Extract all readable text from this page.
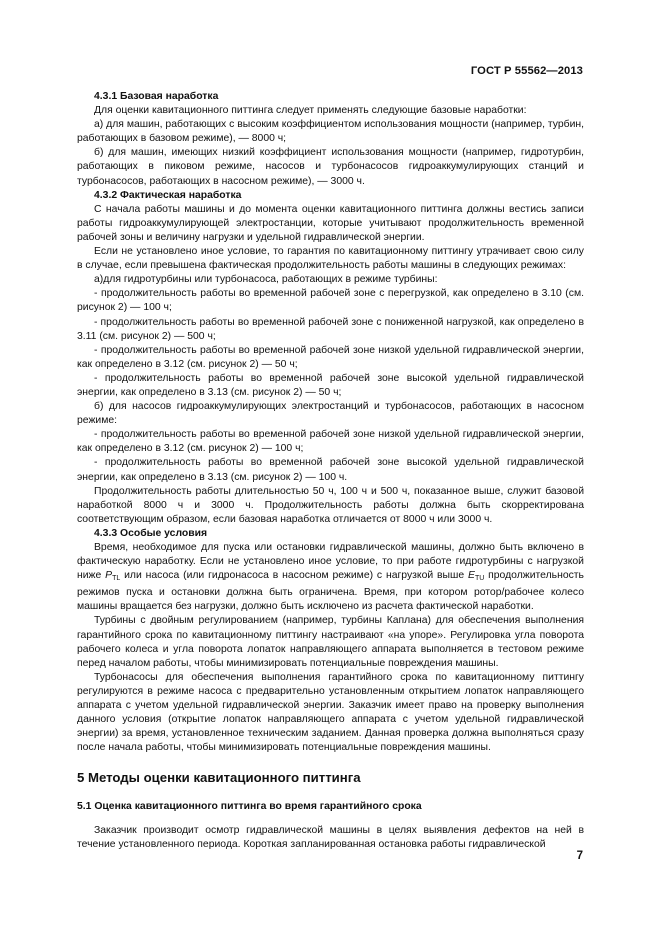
ГОСТ Р 55562—2013

4.3.1 Базовая наработка

Для оценки кавитационного питтинга следует применять следующие базовые наработки:

а) для машин, работающих с высоким коэффициентом использования мощности (например, турбин, работающих в базовом режиме), — 8000 ч;

б) для машин, имеющих низкий коэффициент использования мощности (например, гидротурбин, работающих в пиковом режиме, насосов и турбонасосов гидроаккумулирующих станций и турбонасосов, работающих в насосном режиме), — 3000 ч.

4.3.2 Фактическая наработка

С начала работы машины и до момента оценки кавитационного питтинга должны вестись записи работы гидроаккумулирующей электростанции, которые учитывают продолжительность временной рабочей зоны и величину нагрузки и удельной гидравлической энергии.

Если не установлено иное условие, то гарантия по кавитационному питтингу утрачивает свою силу в случае, если превышена фактическая продолжительность работы машины в следующих режимах:

а)для гидротурбины или турбонасоса, работающих в режиме турбины:

- продолжительность работы во временной рабочей зоне с перегрузкой, как определено в 3.10 (см. рисунок 2) — 100 ч;

- продолжительность работы во временной рабочей зоне с пониженной нагрузкой, как определено в 3.11 (см. рисунок 2) — 500 ч;

- продолжительность работы во временной рабочей зоне низкой удельной гидравлической энергии, как определено в 3.12 (см. рисунок 2) — 50 ч;

- продолжительность работы во временной рабочей зоне высокой удельной гидравлической энергии, как определено в 3.13 (см. рисунок 2) — 50 ч;

б) для насосов гидроаккумулирующих электростанций и турбонасосов, работающих в насосном режиме:

- продолжительность работы во временной рабочей зоне низкой удельной гидравлической энергии, как определено в 3.12 (см. рисунок 2) — 100 ч;

- продолжительность работы во временной рабочей зоне высокой удельной гидравлической энергии, как определено в 3.13 (см. рисунок 2) — 100 ч.

Продолжительность работы длительностью 50 ч, 100 ч и 500 ч, показанное выше, служит базовой наработкой 8000 ч и 3000 ч. Продолжительность работы должна быть скорректирована соответствующим образом, если базовая наработка отличается от 8000 ч или 3000 ч.

4.3.3 Особые условия

Время, необходимое для пуска или остановки гидравлической машины, должно быть включено в фактическую наработку. Если не установлено иное условие, то при работе гидротурбины с нагрузкой ниже $P_{TL}$ или насоса (или гидронасоса в насосном режиме) с нагрузкой выше $E_{TU}$ продолжительность режимов пуска и остановки должна быть ограничена. Время, при котором ротор/рабочее колесо машины вращается без нагрузки, должно быть исключено из расчета фактической наработки.

Турбины с двойным регулированием (например, турбины Каплана) для обеспечения выполнения гарантийного срока по кавитационному питтингу настраивают «на упоре». Регулировка угла поворота рабочего колеса и угла поворота лопаток направляющего аппарата выполняется в тестовом режиме перед началом работы, чтобы минимизировать потенциальные повреждения машины.

Турбонасосы для обеспечения выполнения гарантийного срока по кавитационному питтингу регулируются в режиме насоса с предварительно установленным открытием лопаток направляющего аппарата с учетом удельной гидравлической энергии. Заказчик имеет право на проверку выполнения данного условия (открытие лопаток направляющего аппарата с учетом удельной гидравлической энергии) за время, установленное техническим заданием. Данная проверка должна выполняться сразу после начала работы, чтобы минимизировать потенциальные повреждения машины.

5 Методы оценки кавитационного питтинга

5.1 Оценка кавитационного питтинга во время гарантийного срока

Заказчик производит осмотр гидравлической машины в целях выявления дефектов на ней в течение установленного периода. Короткая запланированная остановка работы гидравлической

7
